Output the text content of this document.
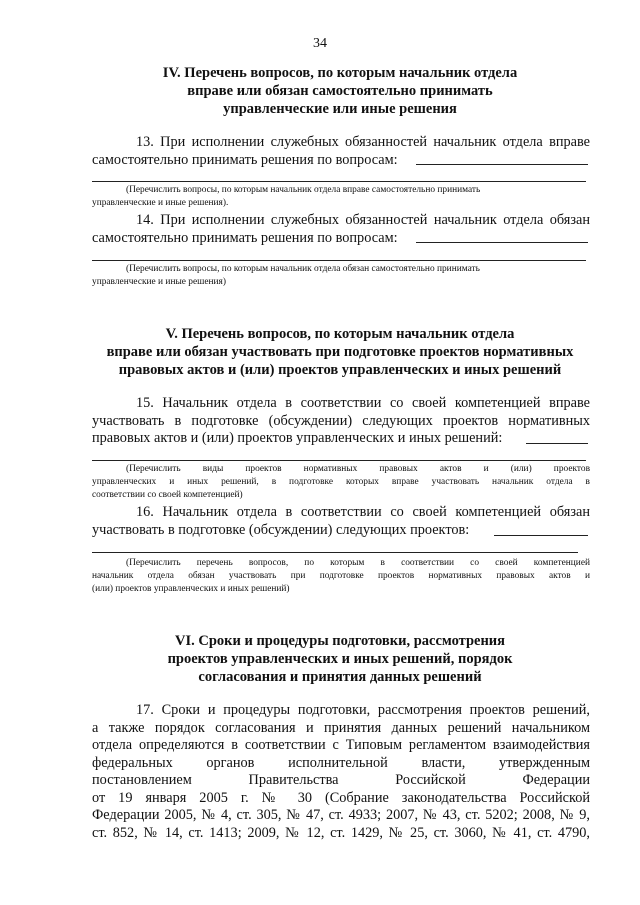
34
IV. Перечень вопросов, по которым начальник отдела
вправе или обязан самостоятельно принимать
управленческие или иные решения
13. При исполнении служебных обязанностей начальник отдела вправе
самостоятельно принимать решения по вопросам:
(Перечислить вопросы, по которым начальник отдела вправе самостоятельно принимать
управленческие и иные решения).
14. При исполнении служебных обязанностей начальник отдела обязан
самостоятельно принимать решения по вопросам:
(Перечислить вопросы, по которым начальник отдела обязан самостоятельно принимать
управленческие и иные решения)
V. Перечень вопросов, по которым начальник отдела
вправе или обязан участвовать при подготовке проектов нормативных
правовых актов и (или) проектов управленческих и иных решений
15. Начальник отдела в соответствии со своей компетенцией вправе
участвовать в подготовке (обсуждении) следующих проектов нормативных
правовых актов и (или) проектов управленческих и иных решений:
(Перечислить виды проектов нормативных правовых актов и (или) проектов
управленческих и иных решений, в подготовке которых вправе участвовать начальник отдела в
соответствии со своей компетенцией)
16. Начальник отдела в соответствии со своей компетенцией обязан
участвовать в подготовке (обсуждении) следующих проектов:
(Перечислить перечень вопросов, по которым в соответствии со своей компетенцией
начальник отдела обязан участвовать при подготовке проектов нормативных правовых актов и
(или) проектов управленческих и иных решений)
VI. Сроки и процедуры подготовки, рассмотрения
проектов управленческих и иных решений, порядок
согласования и принятия данных решений
17. Сроки и процедуры подготовки, рассмотрения проектов решений,
а также порядок согласования и принятия данных решений начальником
отдела определяются в соответствии с Типовым регламентом взаимодействия
федеральных органов исполнительной власти, утвержденным
постановлением Правительства Российской Федерации
от 19 января 2005 г. № 30 (Собрание законодательства Российской
Федерации 2005, № 4, ст. 305, № 47, ст. 4933; 2007, № 43, ст. 5202; 2008, № 9,
ст. 852, № 14, ст. 1413; 2009, № 12, ст. 1429, № 25, ст. 3060, № 41, ст. 4790,
